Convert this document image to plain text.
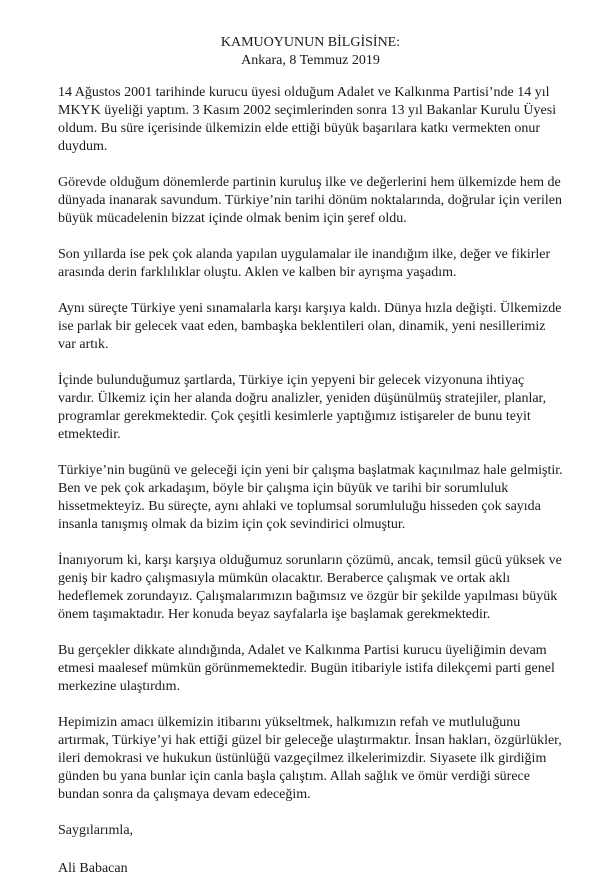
KAMUOYUNUN BİLGİSİNE:
Ankara, 8 Temmuz 2019

14 Ağustos 2001 tarihinde kurucu üyesi olduğum Adalet ve Kalkınma Partisi’nde 14 yıl MKYK üyeliği yaptım. 3 Kasım 2002 seçimlerinden sonra 13 yıl Bakanlar Kurulu Üyesi oldum. Bu süre içerisinde ülkemizin elde ettiği büyük başarılara katkı vermekten onur duydum.

Görevde olduğum dönemlerde partinin kuruluş ilke ve değerlerini hem ülkemizde hem de dünyada inanarak savundum. Türkiye’nin tarihi dönüm noktalarında, doğrular için verilen büyük mücadelenin bizzat içinde olmak benim için şeref oldu.

Son yıllarda ise pek çok alanda yapılan uygulamalar ile inandığım ilke, değer ve fikirler arasında derin farklılıklar oluştu. Aklen ve kalben bir ayrışma yaşadım.

Aynı süreçte Türkiye yeni sınamalarla karşı karşıya kaldı. Dünya hızla değişti. Ülkemizde ise parlak bir gelecek vaat eden, bambaşka beklentileri olan, dinamik, yeni nesillerimiz var artık.

İçinde bulunduğumuz şartlarda, Türkiye için yepyeni bir gelecek vizyonuna ihtiyaç vardır. Ülkemiz için her alanda doğru analizler, yeniden düşünülmüş stratejiler, planlar, programlar gerekmektedir. Çok çeşitli kesimlerle yaptığımız istişareler de bunu teyit etmektedir.

Türkiye’nin bugünü ve geleceği için yeni bir çalışma başlatmak kaçınılmaz hale gelmiştir. Ben ve pek çok arkadaşım, böyle bir çalışma için büyük ve tarihi bir sorumluluk hissetmekteyiz. Bu süreçte, aynı ahlaki ve toplumsal sorumluluğu hisseden çok sayıda insanla tanışmış olmak da bizim için çok sevindirici olmuştur.

İnanıyorum ki, karşı karşıya olduğumuz sorunların çözümü, ancak, temsil gücü yüksek ve geniş bir kadro çalışmasıyla mümkün olacaktır. Beraberce çalışmak ve ortak aklı hedeflemek zorundayız. Çalışmalarımızın bağımsız ve özgür bir şekilde yapılması büyük önem taşımaktadır. Her konuda beyaz sayfalarla işe başlamak gerekmektedir.

Bu gerçekler dikkate alındığında, Adalet ve Kalkınma Partisi kurucu üyeliğimin devam etmesi maalesef mümkün görünmemektedir. Bugün itibariyle istifa dilekçemi parti genel merkezine ulaştırdım.

Hepimizin amacı ülkemizin itibarını yükseltmek, halkımızın refah ve mutluluğunu artırmak, Türkiye’yi hak ettiği güzel bir geleceğe ulaştırmaktır. İnsan hakları, özgürlükler, ileri demokrasi ve hukukun üstünlüğü vazgeçilmez ilkelerimizdir. Siyasete ilk girdiğim günden bu yana bunlar için canla başla çalıştım. Allah sağlık ve ömür verdiği sürece bundan sonra da çalışmaya devam edeceğim.

Saygılarımla,

Ali Babacan
